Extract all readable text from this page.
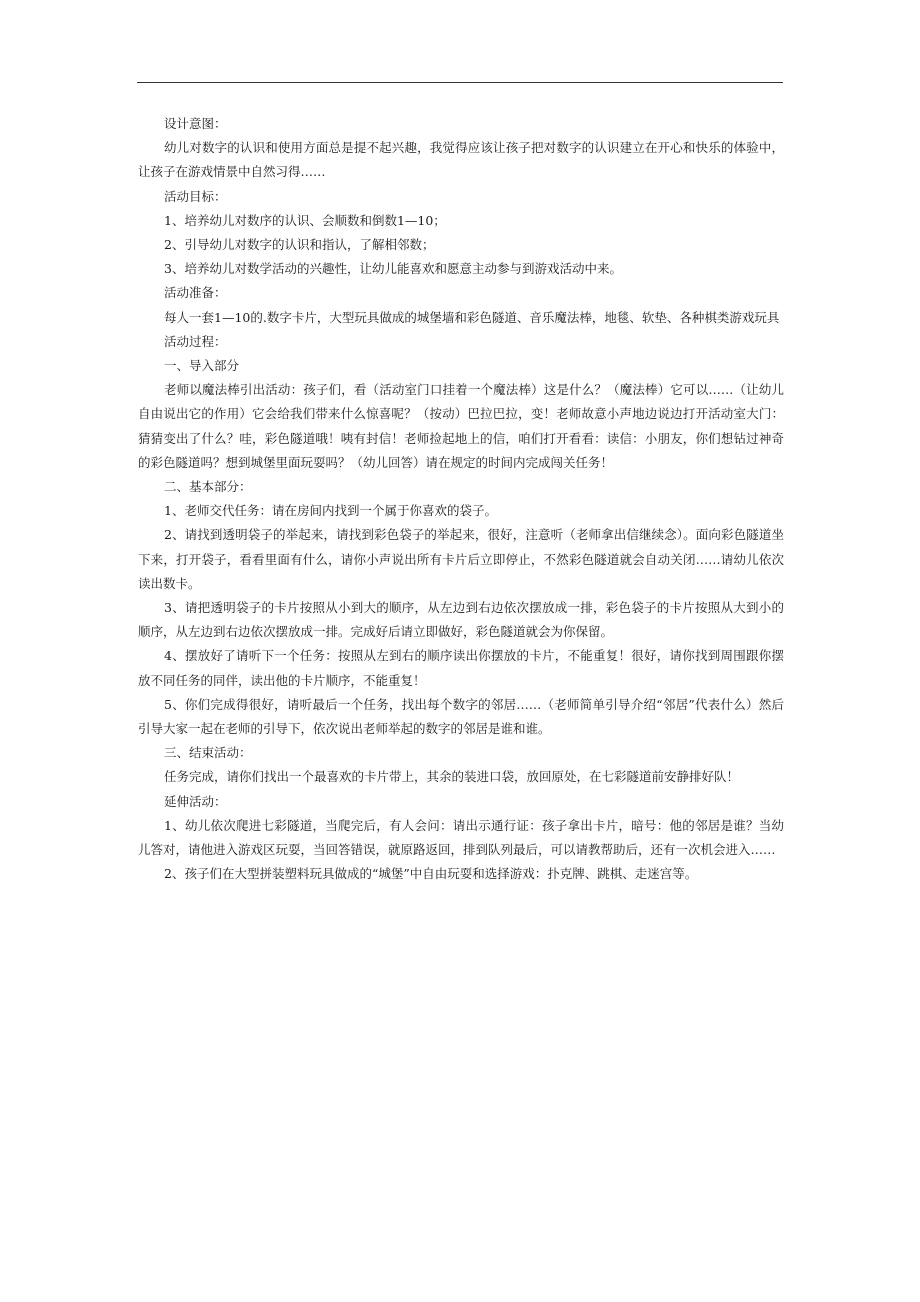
设计意图：

幼儿对数字的认识和使用方面总是提不起兴趣，我觉得应该让孩子把对数字的认识建立在开心和快乐的体验中，让孩子在游戏情景中自然习得……

活动目标：

1、培养幼儿对数序的认识、会顺数和倒数1—10；

2、引导幼儿对数字的认识和指认，了解相邻数；

3、培养幼儿对数学活动的兴趣性，让幼儿能喜欢和愿意主动参与到游戏活动中来。

活动准备：

每人一套1—10的.数字卡片，大型玩具做成的城堡墙和彩色隧道、音乐魔法棒，地毯、软垫、各种棋类游戏玩具

活动过程：

一、导入部分

老师以魔法棒引出活动：孩子们，看（活动室门口挂着一个魔法棒）这是什么？（魔法棒）它可以……（让幼儿自由说出它的作用）它会给我们带来什么惊喜呢？（按动）巴拉巴拉，变！老师故意小声地边说边打开活动室大门：猜猜变出了什么？哇，彩色隧道哦！咦有封信！老师捡起地上的信，咱们打开看看：读信：小朋友，你们想钻过神奇的彩色隧道吗？想到城堡里面玩耍吗？（幼儿回答）请在规定的时间内完成闯关任务！

二、基本部分：

1、老师交代任务：请在房间内找到一个属于你喜欢的袋子。

2、请找到透明袋子的举起来，请找到彩色袋子的举起来，很好，注意听（老师拿出信继续念）。面向彩色隧道坐下来，打开袋子，看看里面有什么，请你小声说出所有卡片后立即停止，不然彩色隧道就会自动关闭……请幼儿依次读出数卡。

3、请把透明袋子的卡片按照从小到大的顺序，从左边到右边依次摆放成一排，彩色袋子的卡片按照从大到小的顺序，从左边到右边依次摆放成一排。完成好后请立即做好，彩色隧道就会为你保留。

4、摆放好了请听下一个任务：按照从左到右的顺序读出你摆放的卡片，不能重复！很好，请你找到周围跟你摆放不同任务的同伴，读出他的卡片顺序，不能重复！

5、你们完成得很好，请听最后一个任务，找出每个数字的邻居……（老师简单引导介绍“邻居”代表什么）然后引导大家一起在老师的引导下，依次说出老师举起的数字的邻居是谁和谁。

三、结束活动：

任务完成，请你们找出一个最喜欢的卡片带上，其余的装进口袋，放回原处，在七彩隧道前安静排好队！

延伸活动：

1、幼儿依次爬进七彩隧道，当爬完后，有人会问：请出示通行证：孩子拿出卡片，暗号：他的邻居是谁？当幼儿答对，请他进入游戏区玩耍，当回答错误，就原路返回，排到队列最后，可以请教帮助后，还有一次机会进入……

2、孩子们在大型拼装塑料玩具做成的“城堡”中自由玩耍和选择游戏：扑克牌、跳棋、走迷宫等。
